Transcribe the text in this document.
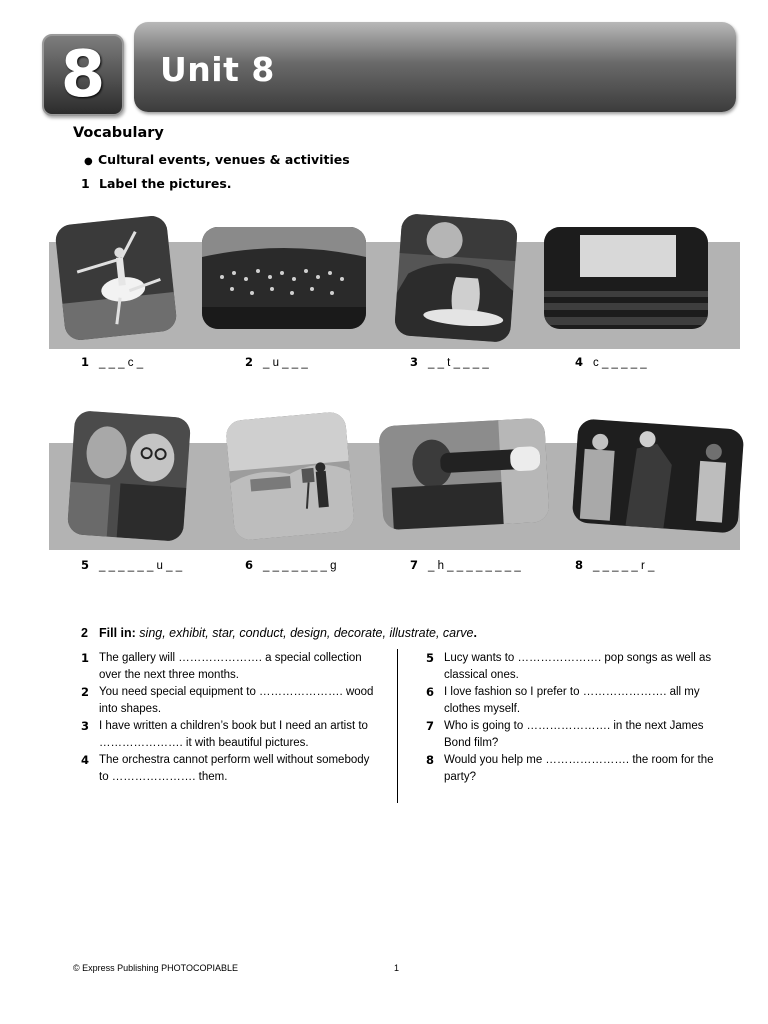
8 Unit 8
Vocabulary
● Cultural events, venues & activities
1 Label the pictures.
1 _ _ _ c _	2 _ u _ _ _	3 _ _ t _ _ _ _	4 c _ _ _ _ _
5 _ _ _ _ _ _ u _ _	6 _ _ _ _ _ _ _ g	7 _ h _ _ _ _ _ _ _ _	8 _ _ _ _ _ r _
2 Fill in: sing, exhibit, star, conduct, design, decorate, illustrate, carve.
1 The gallery will …………………. a special collection over the next three months.
2 You need special equipment to …………………. wood into shapes.
3 I have written a children’s book but I need an artist to …………………. it with beautiful pictures.
4 The orchestra cannot perform well without somebody to …………………. them.
5 Lucy wants to …………………. pop songs as well as classical ones.
6 I love fashion so I prefer to …………………. all my clothes myself.
7 Who is going to …………………. in the next James Bond film?
8 Would you help me …………………. the room for the party?
© Express Publishing PHOTOCOPIABLE	1
